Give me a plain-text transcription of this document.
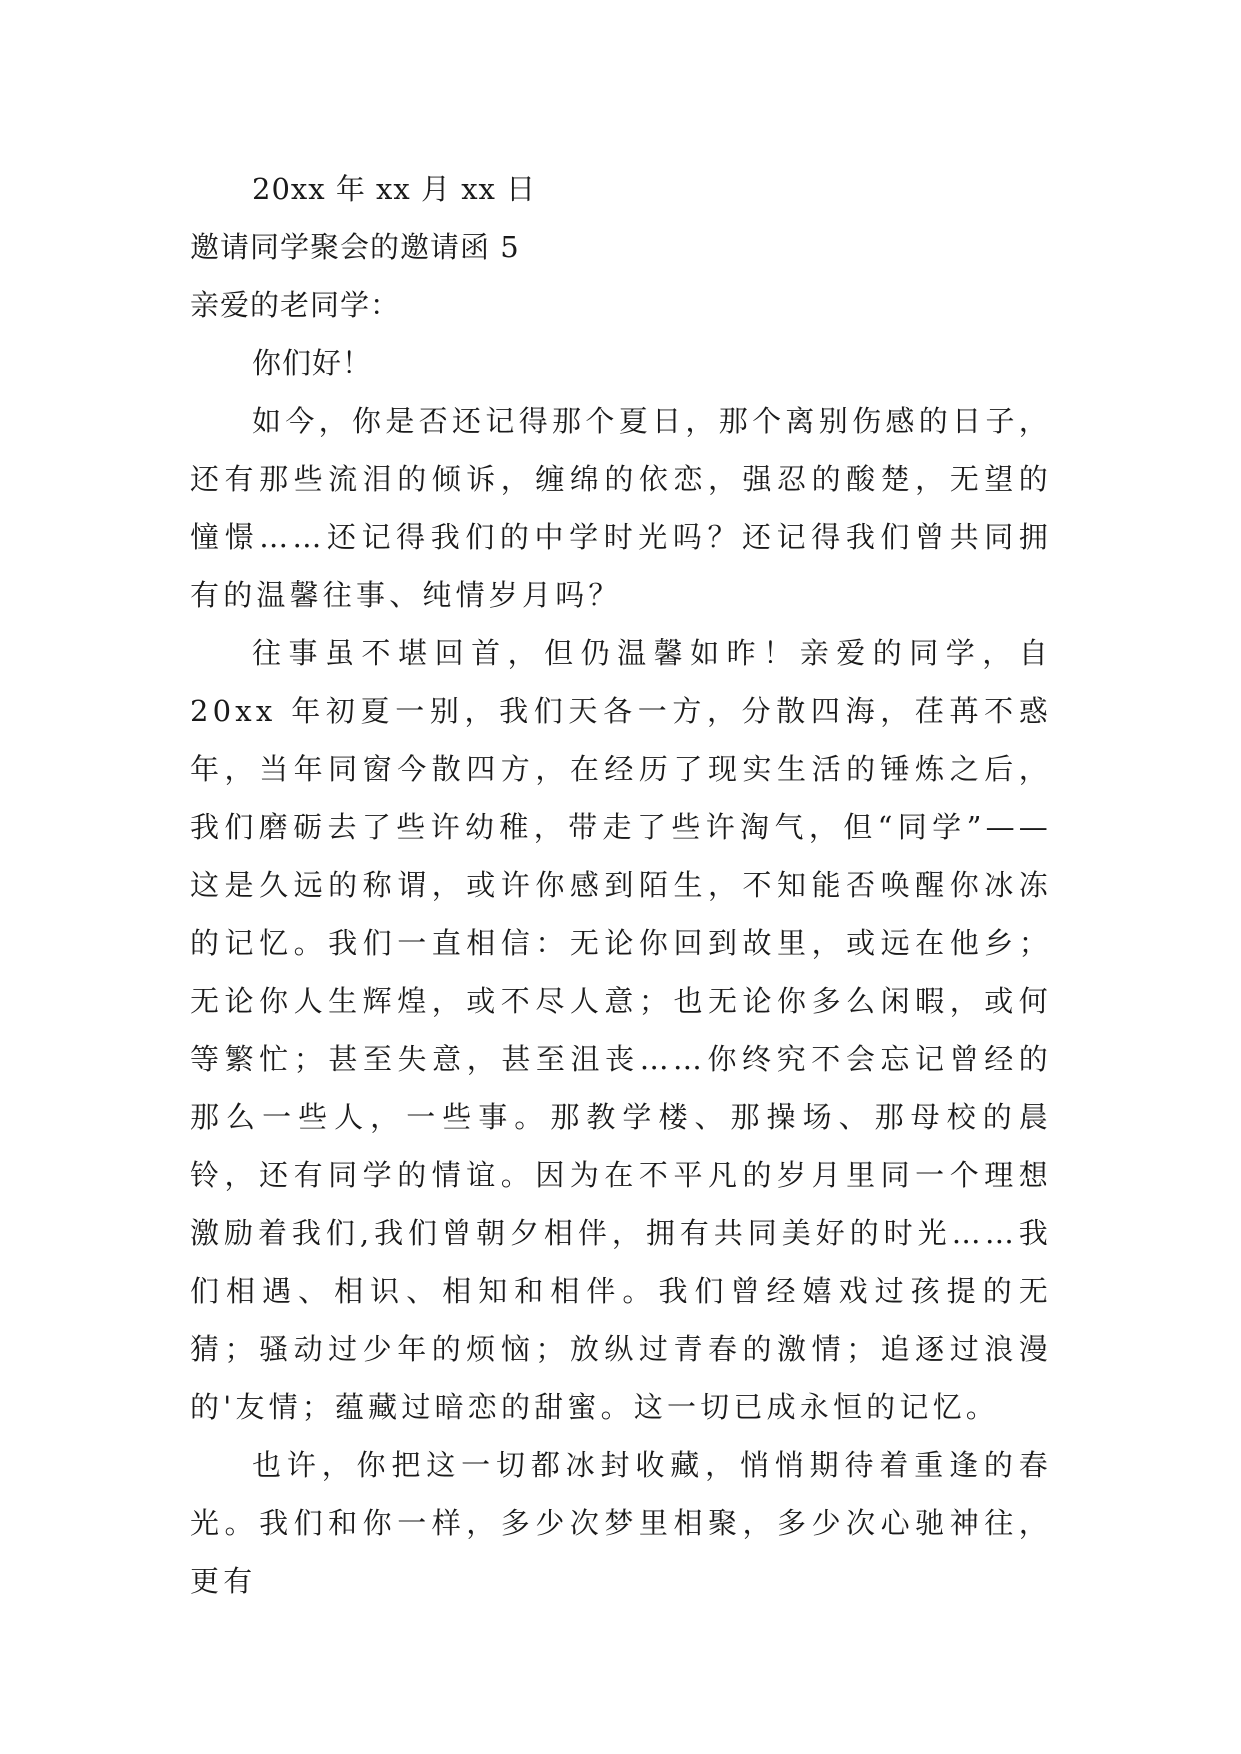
20xx 年 xx 月 xx 日
邀请同学聚会的邀请函 5
亲爱的老同学：
你们好！

如今，你是否还记得那个夏日，那个离别伤感的日子，还有那些流泪的倾诉，缠绵的依恋，强忍的酸楚，无望的憧憬……还记得我们的中学时光吗？还记得我们曾共同拥有的温馨往事、纯情岁月吗？

往事虽不堪回首，但仍温馨如昨！亲爱的同学，自 20xx 年初夏一别，我们天各一方，分散四海，荏苒不惑年，当年同窗今散四方，在经历了现实生活的锤炼之后，我们磨砺去了些许幼稚，带走了些许淘气，但“同学”——这是久远的称谓，或许你感到陌生，不知能否唤醒你冰冻的记忆。我们一直相信：无论你回到故里，或远在他乡；无论你人生辉煌，或不尽人意；也无论你多么闲暇，或何等繁忙；甚至失意，甚至沮丧……你终究不会忘记曾经的那么一些人，一些事。那教学楼、那操场、那母校的晨铃，还有同学的情谊。因为在不平凡的岁月里同一个理想激励着我们,我们曾朝夕相伴，拥有共同美好的时光……我们相遇、相识、相知和相伴。我们曾经嬉戏过孩提的无猜；骚动过少年的烦恼；放纵过青春的激情；追逐过浪漫的'友情；蕴藏过暗恋的甜蜜。这一切已成永恒的记忆。

也许，你把这一切都冰封收藏，悄悄期待着重逢的春光。我们和你一样，多少次梦里相聚，多少次心驰神往，更有
